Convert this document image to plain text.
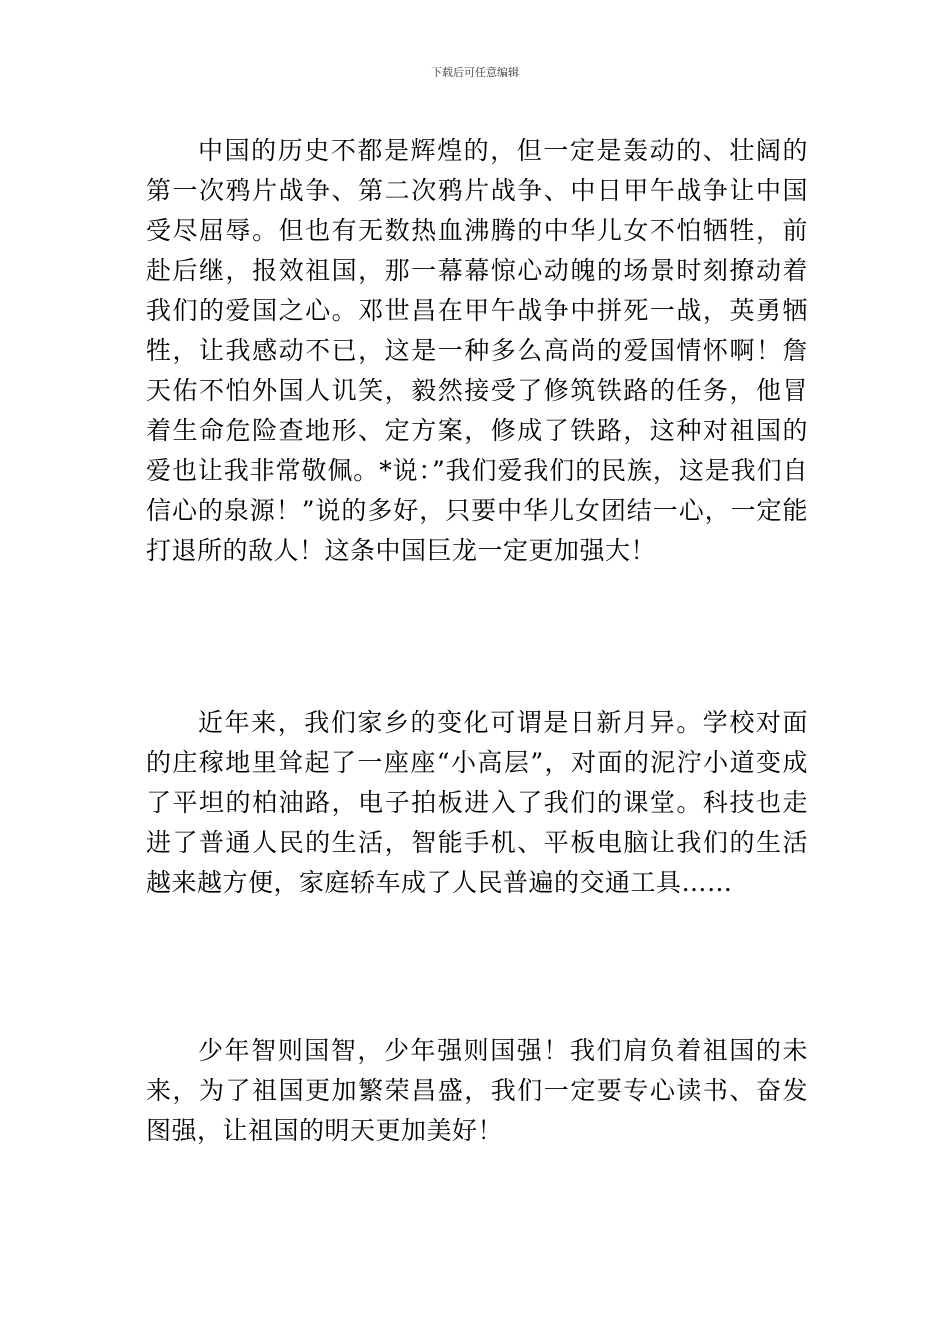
下载后可任意编辑

中国的历史不都是辉煌的，但一定是轰动的、壮阔的第一次鸦片战争、第二次鸦片战争、中日甲午战争让中国受尽屈辱。但也有无数热血沸腾的中华儿女不怕牺牲，前赴后继，报效祖国，那一幕幕惊心动魄的场景时刻撩动着我们的爱国之心。邓世昌在甲午战争中拼死一战，英勇牺牲，让我感动不已，这是一种多么高尚的爱国情怀啊！詹天佑不怕外国人讥笑，毅然接受了修筑铁路的任务，他冒着生命危险查地形、定方案，修成了铁路，这种对祖国的爱也让我非常敬佩。*说：”我们爱我们的民族，这是我们自信心的泉源！”说的多好，只要中华儿女团结一心，一定能打退所的敌人！这条中国巨龙一定更加强大！

近年来，我们家乡的变化可谓是日新月异。学校对面的庄稼地里耸起了一座座“小高层”，对面的泥泞小道变成了平坦的柏油路，电子拍板进入了我们的课堂。科技也走进了普通人民的生活，智能手机、平板电脑让我们的生活越来越方便，家庭轿车成了人民普遍的交通工具……

少年智则国智，少年强则国强！我们肩负着祖国的未来，为了祖国更加繁荣昌盛，我们一定要专心读书、奋发图强，让祖国的明天更加美好！
